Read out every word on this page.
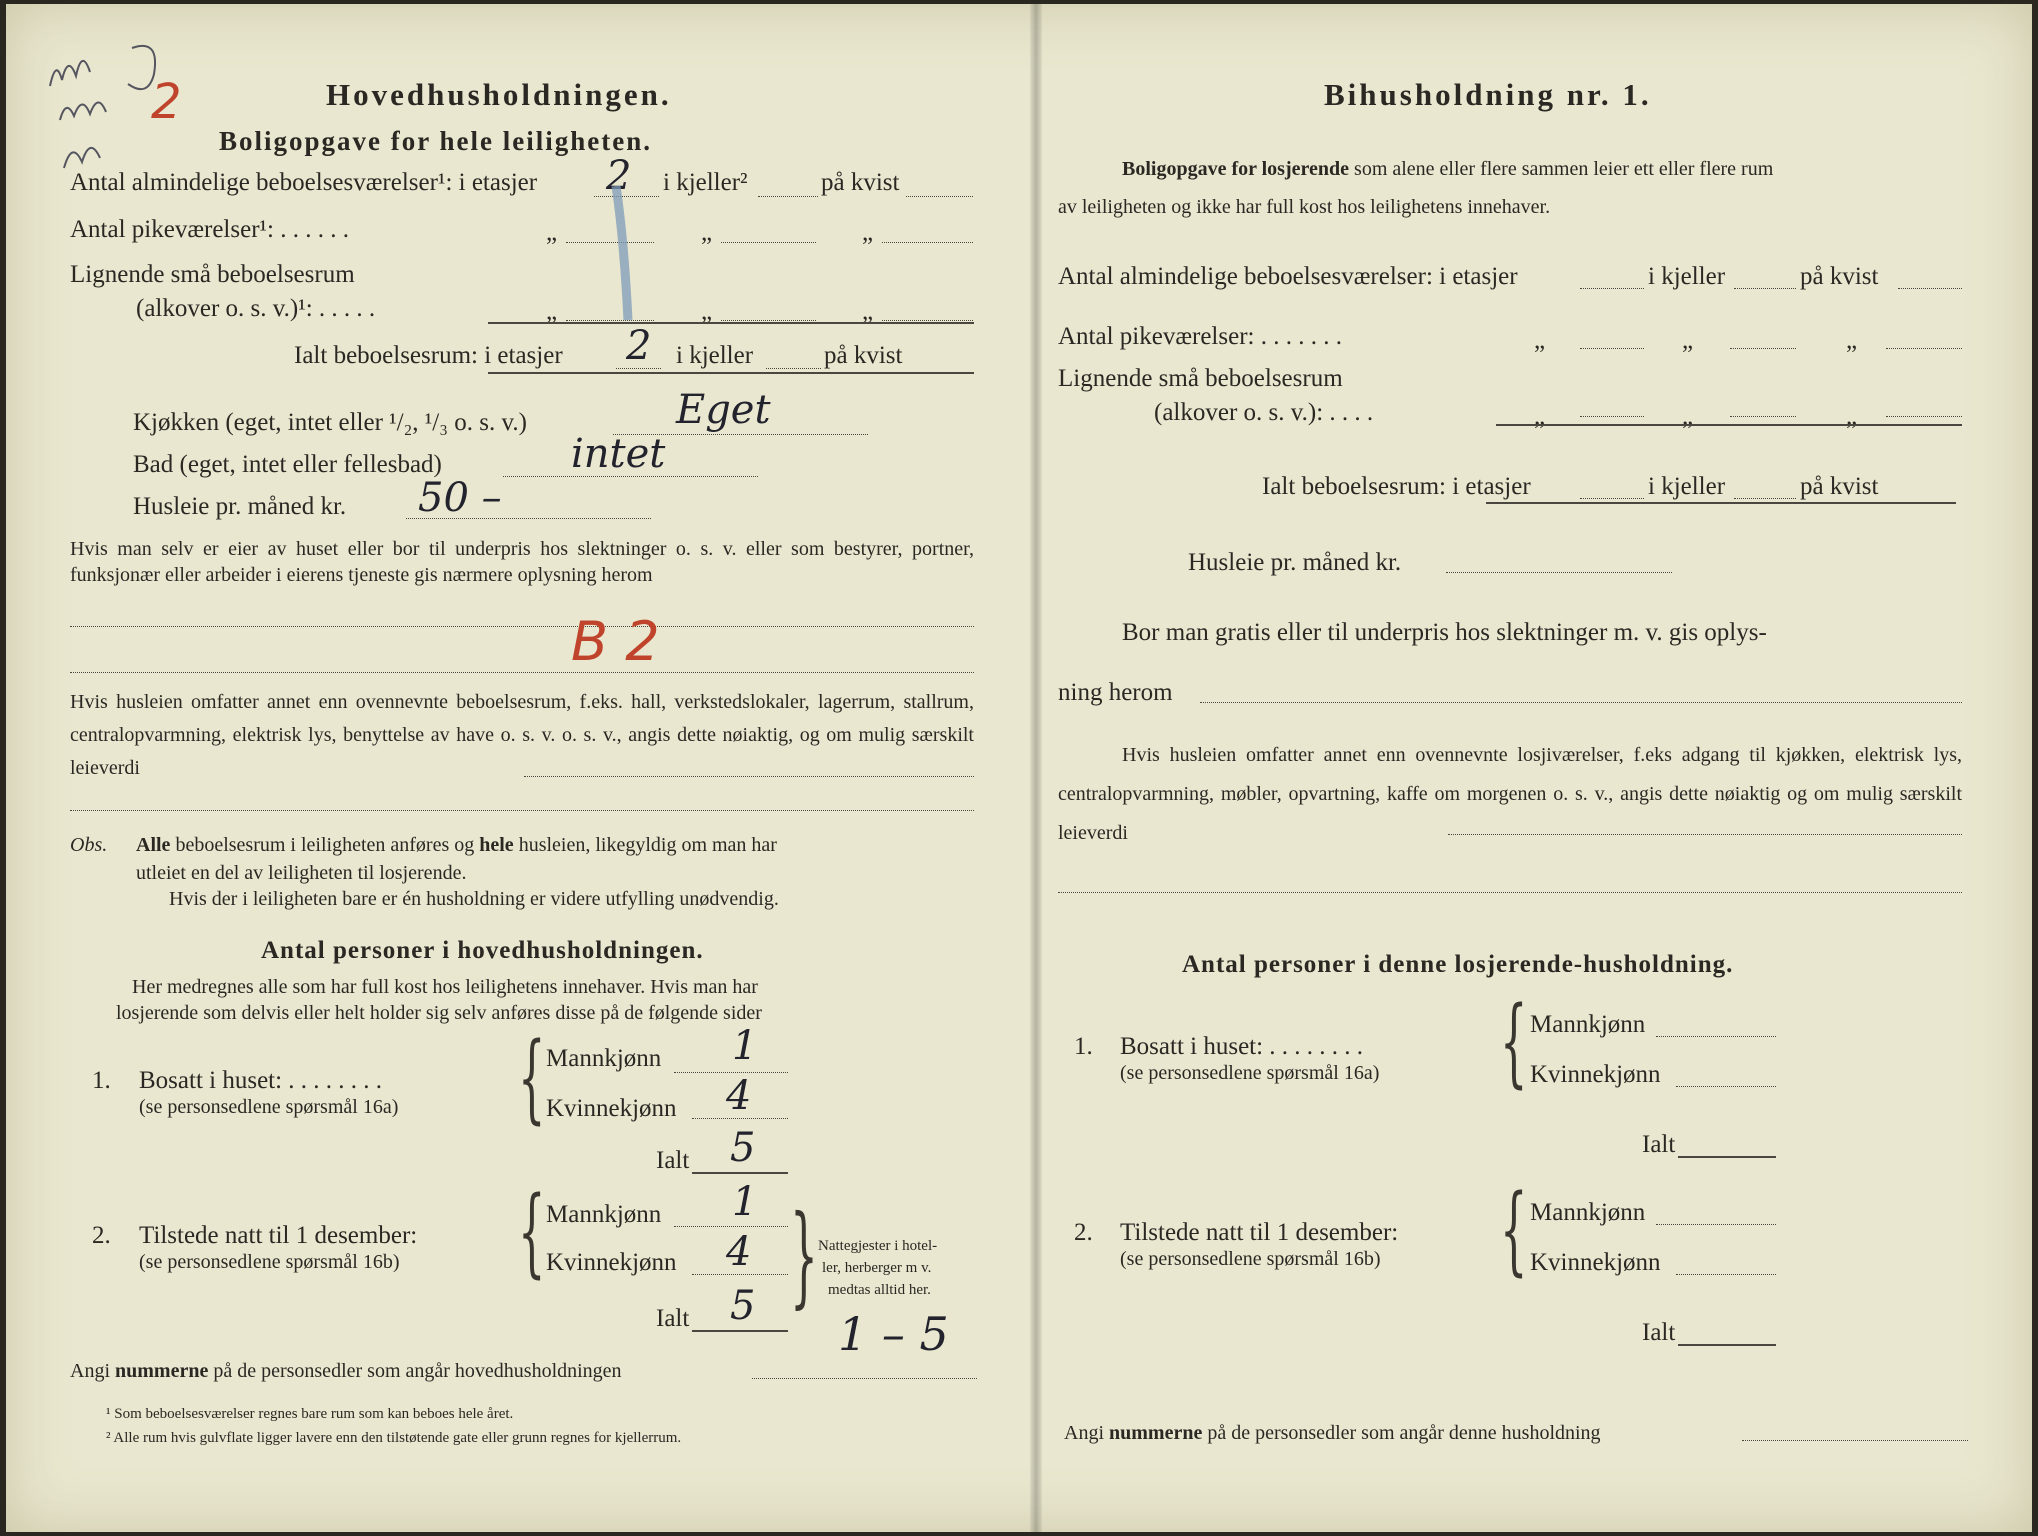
2	Hovedhusholdningen.
Boligopgave for hele leiligheten.
Antal almindelige beboelsesværelser¹: i etasjer 2 i kjeller²	på kvist
Antal pikeværelser¹: . . . . . .	„	„	„
Lignende små beboelsesrum
(alkover o. s. v.)¹: . . . . .	„	„	„
Ialt beboelsesrum: i etasjer 2 i kjeller	på kvist
Kjøkken (eget, intet eller ¹/₂, ¹/₃ o. s. v.)	Eget
Bad (eget, intet eller fellesbad)	intet
Husleie pr. måned kr. 50 –
Hvis man selv er eier av huset eller bor til underpris hos slektninger o. s. v. eller som bestyrer, portner, funksjonær eller arbeider i eierens tjeneste gis nærmere oplysning herom
B 2
Hvis husleien omfatter annet enn ovennevnte beboelsesrum, f.eks. hall, verkstedslokaler, lagerrum, stallrum, centralopvarmning, elektrisk lys, benyttelse av have o. s. v. o. s. v., angis dette nøiaktig, og om mulig særskilt leieverdi
Obs. Alle beboelsesrum i leiligheten anføres og hele husleien, likegyldig om man har
utleiet en del av leiligheten til losjerende.
Hvis der i leiligheten bare er én husholdning er videre utfylling unødvendig.
Antal personer i hovedhusholdningen.
Her medregnes alle som har full kost hos leilighetens innehaver. Hvis man har
losjerende som delvis eller helt holder sig selv anføres disse på de følgende sider
1. Bosatt i huset: . . . . . . . .
(se personsedlene spørsmål 16a) { Mannkjønn 1
Kvinnekjønn 4
Ialt 5
2. Tilstede natt til 1 desember:
(se personsedlene spørsmål 16b) { Mannkjønn 1
Kvinnekjønn 4
Ialt 5 } Nattegjester i hotel-
ler, herberger m v.
medtas alltid her.
1 – 5
Angi nummerne på de personsedler som angår hovedhusholdningen
¹ Som beboelsesværelser regnes bare rum som kan beboes hele året.
² Alle rum hvis gulvflate ligger lavere enn den tilstøtende gate eller grunn regnes for kjellerrum.
Bihusholdning nr. 1.
Boligopgave for losjerende som alene eller flere sammen leier ett eller flere rum
av leiligheten og ikke har full kost hos leilighetens innehaver.
Antal almindelige beboelsesværelser: i etasjer	i kjeller	på kvist
Antal pikeværelser: . . . . . . .	„	„	„
Lignende små beboelsesrum
(alkover o. s. v.): . . . .	„	„	„
Ialt beboelsesrum: i etasjer	i kjeller	på kvist
Husleie pr. måned kr.
Bor man gratis eller til underpris hos slektninger m. v. gis oplys-
ning herom
Hvis husleien omfatter annet enn ovennevnte losjiværelser, f.eks adgang til kjøkken, elektrisk lys, centralopvarmning, møbler, opvartning, kaffe om morgenen o. s. v., angis dette nøiaktig og om mulig særskilt leieverdi
Antal personer i denne losjerende-husholdning.
1. Bosatt i huset: . . . . . . . .
(se personsedlene spørsmål 16a) { Mannkjønn
Kvinnekjønn
Ialt
2. Tilstede natt til 1 desember:
(se personsedlene spørsmål 16b) { Mannkjønn
Kvinnekjønn
Ialt
Angi nummerne på de personsedler som angår denne husholdning
